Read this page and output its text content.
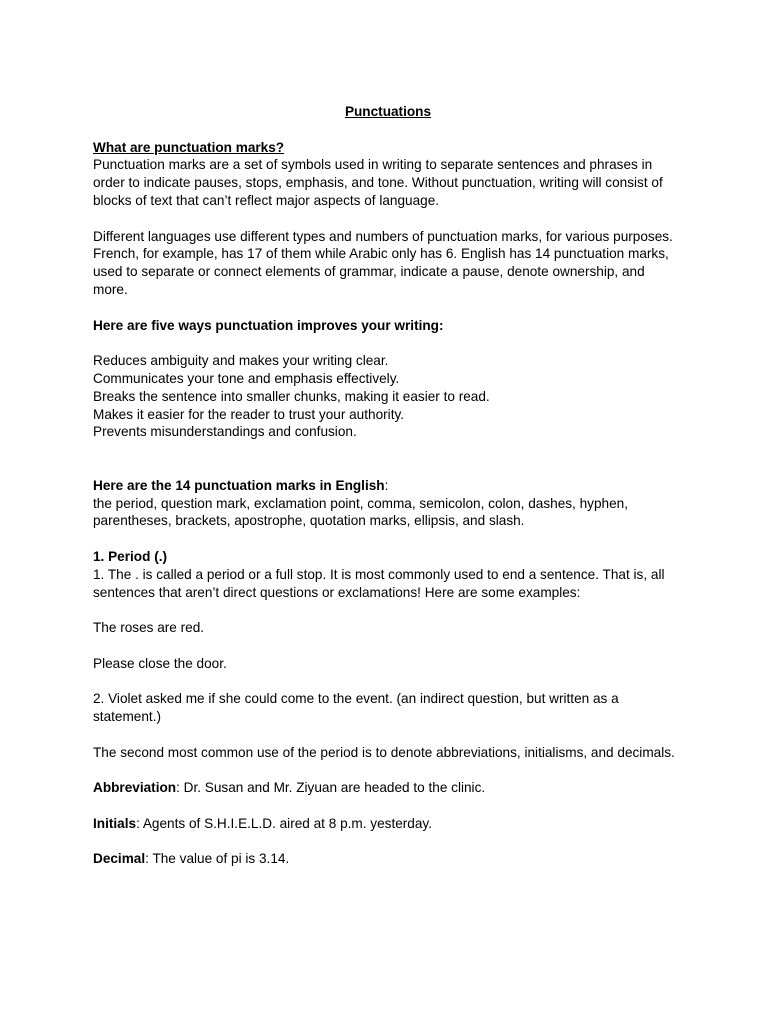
Punctuations

What are punctuation marks?
Punctuation marks are a set of symbols used in writing to separate sentences and phrases in order to indicate pauses, stops, emphasis, and tone. Without punctuation, writing will consist of blocks of text that can’t reflect major aspects of language.

Different languages use different types and numbers of punctuation marks, for various purposes. French, for example, has 17 of them while Arabic only has 6. English has 14 punctuation marks, used to separate or connect elements of grammar, indicate a pause, denote ownership, and more.

Here are five ways punctuation improves your writing:

Reduces ambiguity and makes your writing clear.
Communicates your tone and emphasis effectively.
Breaks the sentence into smaller chunks, making it easier to read.
Makes it easier for the reader to trust your authority.
Prevents misunderstandings and confusion.

Here are the 14 punctuation marks in English:
the period, question mark, exclamation point, comma, semicolon, colon, dashes, hyphen, parentheses, brackets, apostrophe, quotation marks, ellipsis, and slash.

1. Period (.)
1. The . is called a period or a full stop. It is most commonly used to end a sentence. That is, all sentences that aren’t direct questions or exclamations! Here are some examples:

The roses are red.

Please close the door.

2. Violet asked me if she could come to the event. (an indirect question, but written as a statement.)

The second most common use of the period is to denote abbreviations, initialisms, and decimals.

Abbreviation: Dr. Susan and Mr. Ziyuan are headed to the clinic.

Initials: Agents of S.H.I.E.L.D. aired at 8 p.m. yesterday.

Decimal: The value of pi is 3.14.
